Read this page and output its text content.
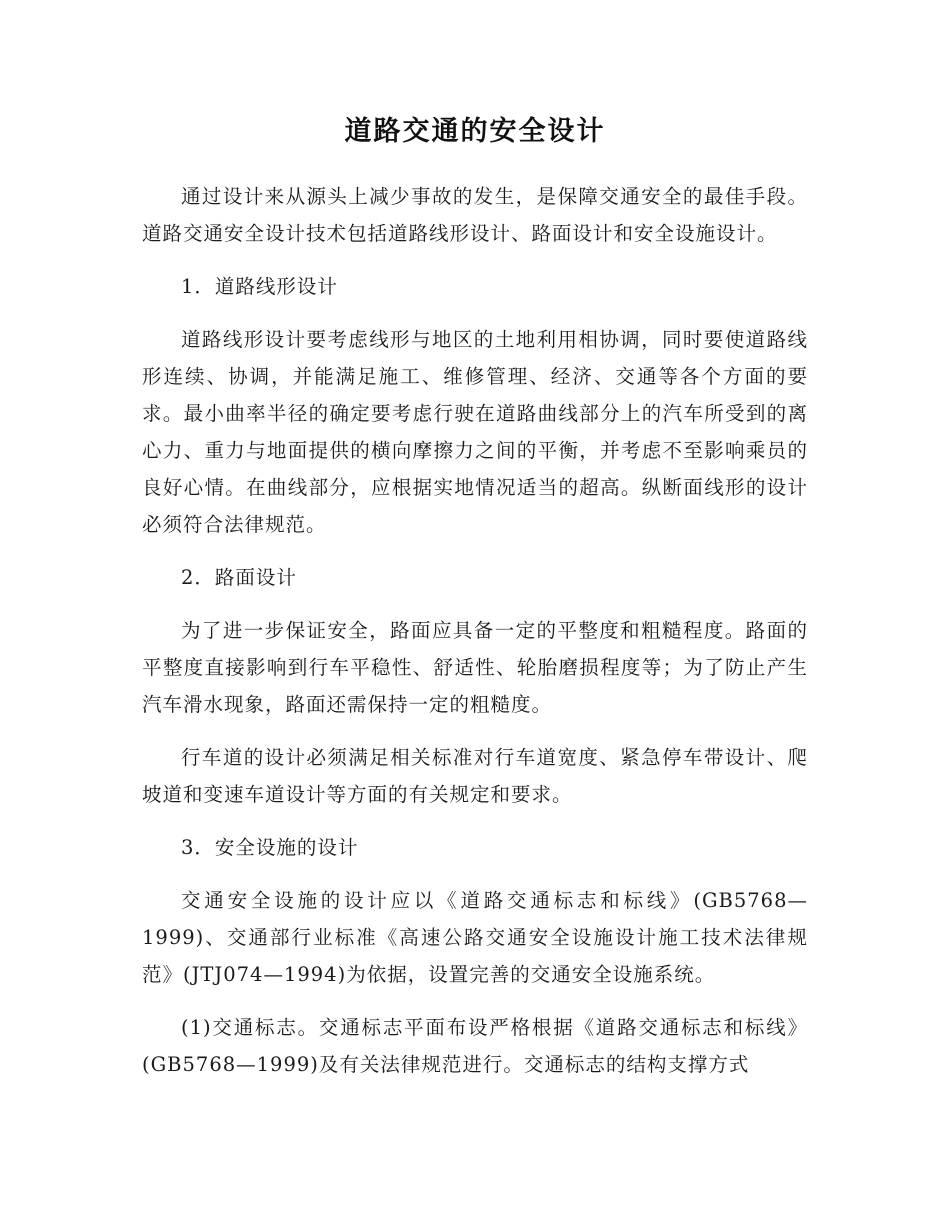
道路交通的安全设计

通过设计来从源头上减少事故的发生，是保障交通安全的最佳手段。道路交通安全设计技术包括道路线形设计、路面设计和安全设施设计。

1．道路线形设计

道路线形设计要考虑线形与地区的土地利用相协调，同时要使道路线形连续、协调，并能满足施工、维修管理、经济、交通等各个方面的要求。最小曲率半径的确定要考虑行驶在道路曲线部分上的汽车所受到的离心力、重力与地面提供的横向摩擦力之间的平衡，并考虑不至影响乘员的良好心情。在曲线部分，应根据实地情况适当的超高。纵断面线形的设计必须符合法律规范。

2．路面设计

为了进一步保证安全，路面应具备一定的平整度和粗糙程度。路面的平整度直接影响到行车平稳性、舒适性、轮胎磨损程度等；为了防止产生汽车滑水现象，路面还需保持一定的粗糙度。

行车道的设计必须满足相关标准对行车道宽度、紧急停车带设计、爬坡道和变速车道设计等方面的有关规定和要求。

3．安全设施的设计

交通安全设施的设计应以《道路交通标志和标线》(GB5768—1999)、交通部行业标准《高速公路交通安全设施设计施工技术法律规范》(JTJ074—1994)为依据，设置完善的交通安全设施系统。

(1)交通标志。交通标志平面布设严格根据《道路交通标志和标线》(GB5768—1999)及有关法律规范进行。交通标志的结构支撑方式
